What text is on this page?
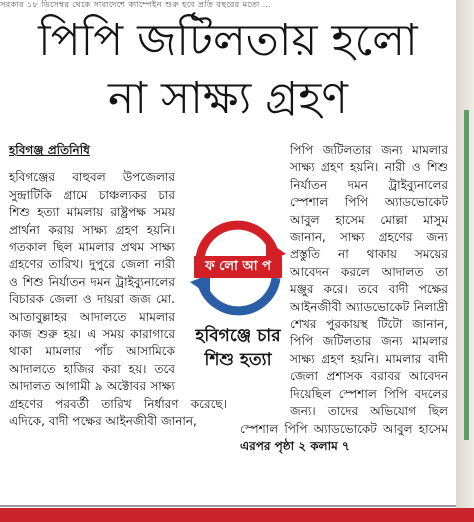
সরকার ১৮ ডিসেম্বর থেকে সারাদেশে ক্যাম্পেইন শুরু হবে প্রতি বছরের মতো …
পিপি জটিলতায় হলো
না সাক্ষ্য গ্রহণ
হবিগঞ্জ প্রতিনিধি

হবিগঞ্জের বাহুবল উপজেলার সুন্দ্রাটিকি গ্রামে চাঞ্চল্যকর চার শিশু হত্যা মামলায় রাষ্ট্রপক্ষ সময় প্রার্থনা করায় সাক্ষ্য গ্রহণ হয়নি। গতকাল ছিল মামলার প্রথম সাক্ষ্য গ্রহণের তারিখ। দুপুরে জেলা নারী ও শিশু নির্যাতন দমন ট্রাইব্যুনালের বিচারক জেলা ও দায়রা জজ মো. আতাবুল্লাহর আদালতে মামলার কাজ শুরু হয়। এ সময় কারাগারে থাকা মামলার পাঁচ আসামিকে আদালতে হাজির করা হয়। তবে আদালত আগামী ৯ অক্টোবর সাক্ষ্য গ্রহণের পরবর্তী তারিখ নির্ধারণ করেছে। এদিকে, বাদী পক্ষের আইনজীবী জানান,

পিপি জটিলতার জন্য মামলার সাক্ষ্য গ্রহণ হয়নি। নারী ও শিশু নির্যাতন দমন ট্রাইব্যুনালের স্পেশাল পিপি অ্যাডভোকেট আবুল হাসেম মোল্লা মাসুম জানান, সাক্ষ্য গ্রহণের জন্য প্রস্তুতি না থাকায় সময়ের আবেদন করলে আদালত তা মঞ্জুর করে। তবে বাদী পক্ষের আইনজীবী অ্যাডভোকেট নিলাদ্রী শেখর পুরকায়স্থ টিটো জানান, পিপি জটিলতার জন্য মামলার সাক্ষ্য গ্রহণ হয়নি। মামলার বাদী জেলা প্রশাসক বরাবর আবেদন দিয়েছিল স্পেশাল পিপি বদলের জন্য। তাদের অভিযোগ ছিল স্পেশাল পিপি অ্যাডভোকেট আবুল হাসেম এরপর পৃষ্ঠা ২ কলাম ৭

ফ লো আ প
হবিগঞ্জে চার
শিশু হত্যা
